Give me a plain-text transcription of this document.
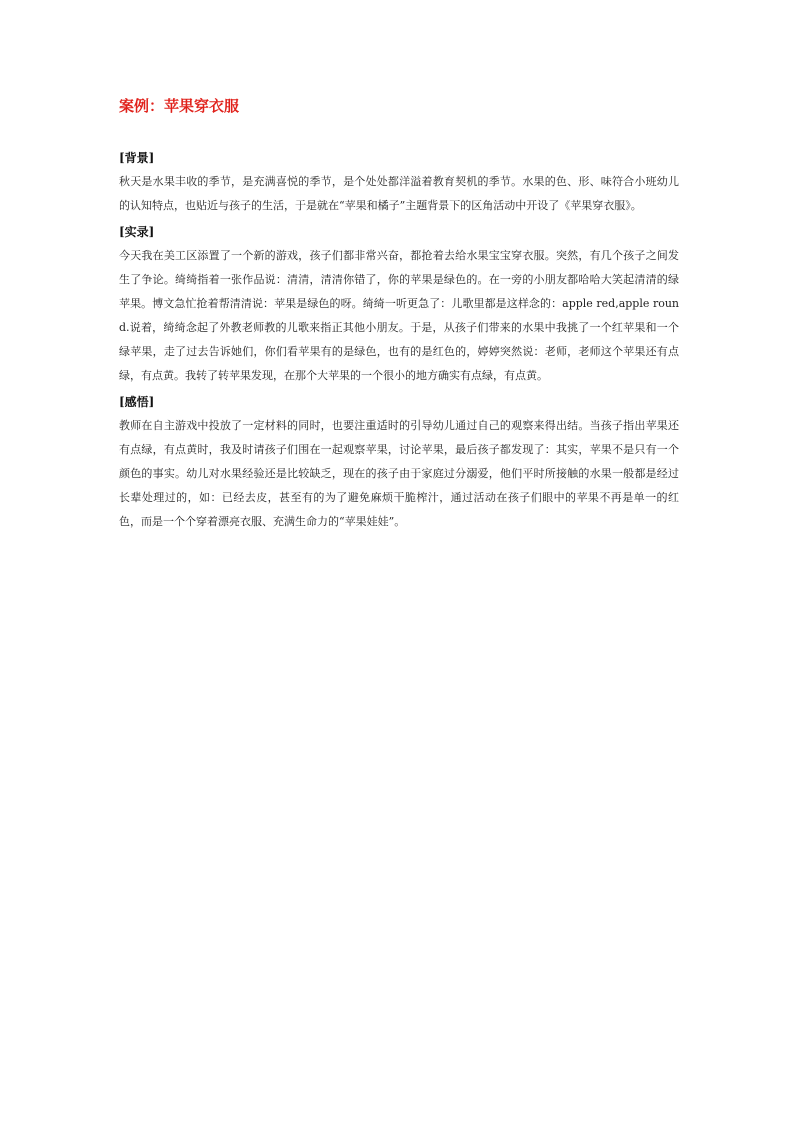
案例：苹果穿衣服

[背景]

秋天是水果丰收的季节，是充满喜悦的季节，是个处处都洋溢着教育契机的季节。水果的色、形、味符合小班幼儿的认知特点，也贴近与孩子的生活，于是就在“苹果和橘子”主题背景下的区角活动中开设了《苹果穿衣服》。

[实录]

今天我在美工区添置了一个新的游戏，孩子们都非常兴奋，都抢着去给水果宝宝穿衣服。突然，有几个孩子之间发生了争论。绮绮指着一张作品说：清清，清清你错了，你的苹果是绿色的。在一旁的小朋友都哈哈大笑起清清的绿苹果。博文急忙抢着帮清清说：苹果是绿色的呀。绮绮一听更急了：儿歌里都是这样念的：apple red,apple round.说着，绮绮念起了外教老师教的儿歌来指正其他小朋友。于是，从孩子们带来的水果中我挑了一个红苹果和一个绿苹果，走了过去告诉她们，你们看苹果有的是绿色，也有的是红色的，婷婷突然说：老师，老师这个苹果还有点绿，有点黄。我转了转苹果发现，在那个大苹果的一个很小的地方确实有点绿，有点黄。

[感悟]

教师在自主游戏中投放了一定材料的同时，也要注重适时的引导幼儿通过自己的观察来得出结。当孩子指出苹果还有点绿，有点黄时，我及时请孩子们围在一起观察苹果，讨论苹果，最后孩子都发现了：其实，苹果不是只有一个颜色的事实。幼儿对水果经验还是比较缺乏，现在的孩子由于家庭过分溺爱，他们平时所接触的水果一般都是经过长辈处理过的，如：已经去皮，甚至有的为了避免麻烦干脆榨汁，通过活动在孩子们眼中的苹果不再是单一的红色，而是一个个穿着漂亮衣服、充满生命力的“苹果娃娃”。
